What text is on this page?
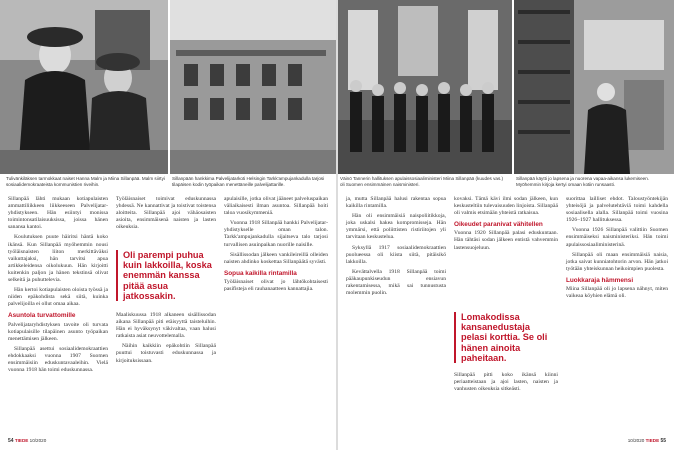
Tulivänkiläksen tarmokkaat naiset Hanna Malm ja Miina Sillanpää. Malm siirtyi sosiaalidemokraateista kommunistien riveihin.
Sillanpään hankkima Palvelijatarkoti Helsingin Tarkk'ampujankadulla tarjosi tilapäisen kodin työpaikan menettäneille palvelijattarille.
Väinö Tannerin hallituksen apulaissosiaaliministeri Miina Sillanpää (kuudes vas.) oli Suomen ensimmäinen naisministeri.
Sillanpää käytti jo lapsena ja nuorena vapaa-aikansa lukemiseen. Myöhemmin kirjoja kertyi omaan kotiin runsaasti.

Sillanpää lähti mukaan kotiapulaisten ammattiliikkeen liikkeeseen Palvelijataryhdistykseen. Hän esiintyi monissa toimintonsatilaisuuksissa, joissa hänen sanansa kantoi.

Koulutuksen puute häiritsi häntä koko ikänsä. Kun Sillanpää myöhemmin nousi työläisnaisten liiton merkittäväksi vaikuttajaksi, hän tarvitsi apua artikkeleidensa oikolukuun. Hän kirjoitti kuitenkin paljon ja hänen tekstinsä olivat selkeitä ja puhuttelevia.

Hän kertoi kotiapulaisten oloista työssä ja niiden epäkohdista sekä siitä, kuinka palvelijoilla ei ollut omaa aikaa.

Asuntola turvattomille

Palvelijataryhdistyksen tavoite oli turvata kotiapulaisille tilapäinen asunto työpaikan menettämisen jälkeen.

Sillanpää asettui sosiaalidemokraattien ehdokkaaksi vuonna 1907 Suomen ensimmäisiin eduskuntavaaleihin. Vielä vuonna 1918 hän toimi eduskunnassa.

Työläisnaiset toimivat eduskunnassa yhdessä. Ne kannattivat ja toistivat toistensa aloitteita. Sillanpää ajoi vähäosaisten asioita, ensimmäisenä naisten ja lasten oikeuksia.

Oli parempi puhua kuin lakkoilla, koska enemmän kanssa pitää asua jatkossakin.

Maaliskuussa 1918 alkaneen sisällissodan aikana Sillanpää piti etäisyyttä taisteluihin. Hän ei hyväksynyt väkivaltaa, vaan halusi ratkaista asiat neuvottelemalla.

Näihin kaikkiin epäkohtiin Sillanpää puuttui toistuvasti eduskunnassa ja kirjoituksissaan.

apulaisille, jotka olivat jääneet palveluspaikan väliaikaisesti ilman asuntoa. Sillanpää hoiti taloa vuosikymmeniä.

Vuonna 1918 Sillanpää hankki Palvelijataryhdistykselle oman talon. Tarkk'ampujankadulla sijaitseva talo tarjosi turvallisen asuinpaikan nuorille naisille.

Sisällissodan jälkeen vankileireillä olleiden naisten ahdinko koskettaa Sillanpäätä syvästi.

Sopua kaikilla rintamilla

Työläisnaiset olivat jo lähtökohtaisesti pasifisteja eli rauhanaatteen kannattajia.

ja, mutta Sillanpää halusi rakentaa sopua kaikilla rintamilla.

Hän oli ensimmäisiä naispoliitikkoja, joka uskalsi hakea kompromisseja. Hän ymmärsi, että poliittisten ristiriitojen yli tarvitaan keskustelua.

Syksyllä 1917 sosiaalidemokraattien puolueessa oli kiista siitä, pitäisikö lakkoilla.

Kevättalvella 1918 Sillanpää toimi pääkaupunkiseudun ensiavun rakentamisessa, mikä sai tunnustusta molemmin puolin.

kovaksi. Tämä kävi ilmi sodan jälkeen, kun keskusteltiin tulevaisuuden linjoista. Sillanpää oli valmis etsimään yhteistä ratkaisua.

Oikeudet paranivat vähitellen

Vuonna 1920 Sillanpää palasi eduskuntaan. Hän tähtäsi sodan jälkeen entistä vahvemmin lastensuojeluun.

Lomakodissa kansanedustaja pelasi korttia. Se oli hänen ainoita paheitaan.

Sillanpää pitti koko ikänsä kiinni periaatteistaan ja ajoi lasten, naisten ja vanhusten oikeuksia sitkeästi.

suorittaa lailliset ehdot. Taloustyöntekijän yhteisöjä ja palvelutehtäviä toimi kahdella sosiaalisella alalla. Sillanpää toimi vuosina 1926–1927 hallituksessa.

Vuonna 1926 Sillanpää valittiin Suomen ensimmäiseksi naisministeriksi. Hän toimi apulaissosiaaliministerinä.

Sillanpää oli maan ensimmäisiä naisia, jotka saivat kunniatohtorin arvon. Hän jatkoi työtään yhteiskunnan heikoimpien puolesta.

Luokkaraja hämmensi

Miina Sillanpää oli jo lapsena nähnyt, miten vaikeaa köyhien elämä oli.

54 TIEDE 10/2020	10/2020 TIEDE 55
